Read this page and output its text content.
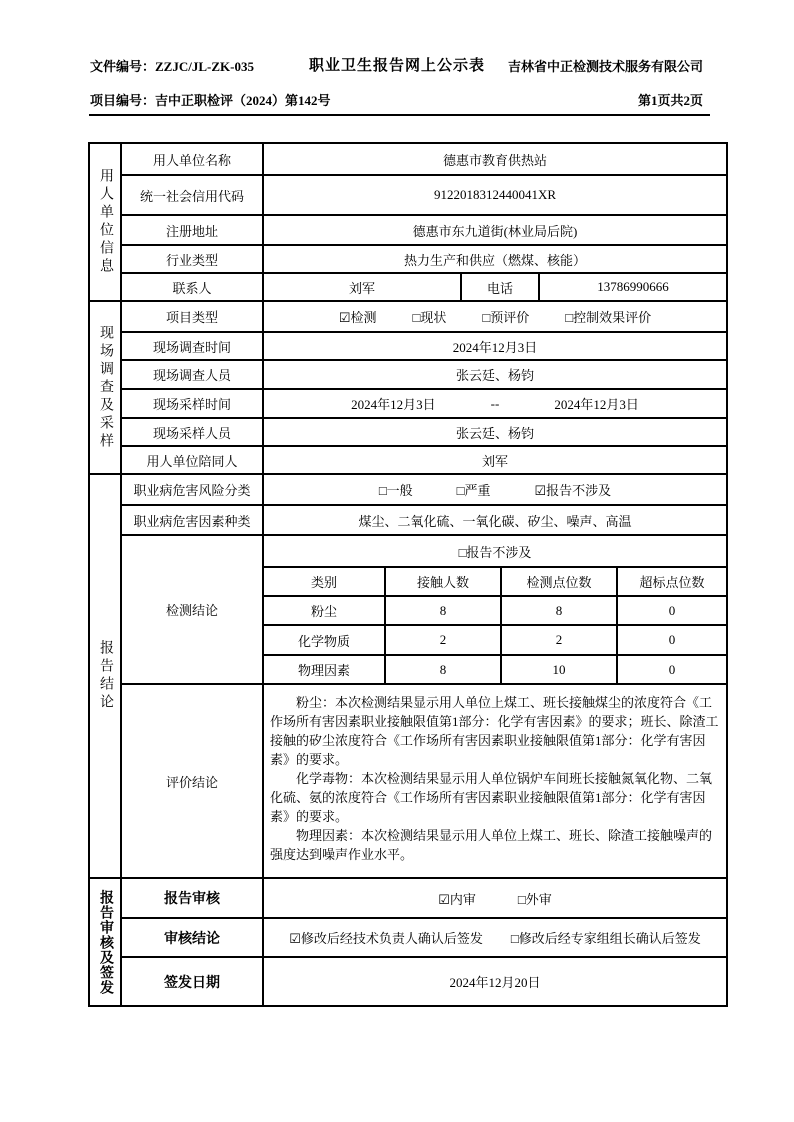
文件编号：ZZJC/JL-ZK-035	职业卫生报告网上公示表	吉林省中正检测技术服务有限公司
项目编号：吉中正职检评（2024）第142号	第1页共2页
用人单位信息
用人单位名称	德惠市教育供热站
统一社会信用代码	9122018312440041XR
注册地址	德惠市东九道街(林业局后院)
行业类型	热力生产和供应（燃煤、核能）
联系人	刘军	电话	13786990666
现场调查及采样
项目类型	☑检测	□现状	□预评价	□控制效果评价
现场调查时间	2024年12月3日
现场调查人员	张云廷、杨钧
现场采样时间	2024年12月3日	--	2024年12月3日
现场采样人员	张云廷、杨钧
用人单位陪同人	刘军
报告结论
职业病危害风险分类	□一般	□严重	☑报告不涉及
职业病危害因素种类	煤尘、二氧化硫、一氧化碳、矽尘、噪声、高温
检测结论
□报告不涉及
类别	接触人数	检测点位数	超标点位数
粉尘	8	8	0
化学物质	2	2	0
物理因素	8	10	0
评价结论

粉尘：本次检测结果显示用人单位上煤工、班长接触煤尘的浓度符合《工作场所有害因素职业接触限值第1部分：化学有害因素》的要求；班长、除渣工接触的矽尘浓度符合《工作场所有害因素职业接触限值第1部分：化学有害因素》的要求。

化学毒物：本次检测结果显示用人单位锅炉车间班长接触氮氧化物、二氧化硫、氨的浓度符合《工作场所有害因素职业接触限值第1部分：化学有害因素》的要求。

物理因素：本次检测结果显示用人单位上煤工、班长、除渣工接触噪声的强度达到噪声作业水平。

报告审核及签发	报告审核	☑内审	□外审
审核结论	☑修改后经技术负责人确认后签发 □修改后经专家组组长确认后签发
签发日期	2024年12月20日
